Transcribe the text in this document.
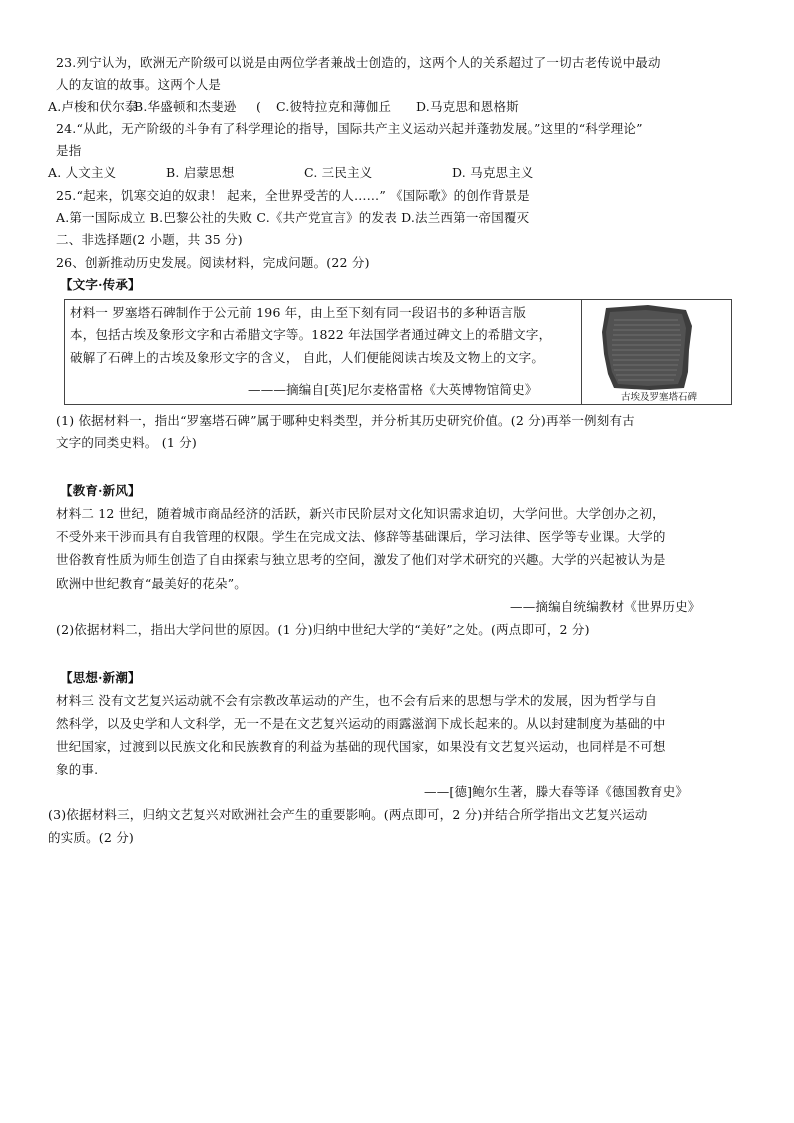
23.列宁认为，欧洲无产阶级可以说是由两位学者兼战士创造的，这两个人的关系超过了一切古老传说中最动
人的友谊的故事。这两个人是
A.卢梭和伏尔泰
B.华盛顿和杰斐逊	(	C.彼特拉克和薄伽丘	D.马克思和恩格斯
24.“从此，无产阶级的斗争有了科学理论的指导，国际共产主义运动兴起并蓬勃发展。”这里的“科学理论”
是指
A. 人文主义	B. 启蒙思想	C. 三民主义	D. 马克思主义
25.“起来，饥寒交迫的奴隶！ 起来，全世界受苦的人……” 《国际歌》的创作背景是
A.第一国际成立 B.巴黎公社的失败 C.《共产党宣言》的发表 D.法兰西第一帝国覆灭
二、非选择题(2 小题，共 35 分)
26、创新推动历史发展。阅读材料，完成问题。(22 分)
【文字·传承】
材料一 罗塞塔石碑制作于公元前 196 年，由上至下刻有同一段诏书的多种语言版
本，包括古埃及象形文字和古希腊文字等。1822 年法国学者通过碑文上的希腊文字，
破解了石碑上的古埃及象形文字的含义， 自此，人们便能阅读古埃及文物上的文字。
———摘编自[英]尼尔麦格雷格《大英博物馆简史》
古埃及罗塞塔石碑
(1) 依据材料一，指出“罗塞塔石碑”属于哪种史料类型，并分析其历史研究价值。(2 分)再举一例刻有古
文字的同类史料。 (1 分)
【教育·新风】
材料二 12 世纪，随着城市商品经济的活跃，新兴市民阶层对文化知识需求迫切，大学问世。大学创办之初，
不受外来干涉而具有自我管理的权限。学生在完成文法、修辞等基础课后，学习法律、医学等专业课。大学的
世俗教育性质为师生创造了自由探索与独立思考的空间，激发了他们对学术研究的兴趣。大学的兴起被认为是
欧洲中世纪教育“最美好的花朵”。
——摘编自统编教材《世界历史》
(2)依据材料二，指出大学问世的原因。(1 分)归纳中世纪大学的“美好”之处。(两点即可，2 分)
【思想·新潮】
材料三 没有文艺复兴运动就不会有宗教改革运动的产生，也不会有后来的思想与学术的发展，因为哲学与自
然科学，以及史学和人文科学，无一不是在文艺复兴运动的雨露滋润下成长起来的。从以封建制度为基础的中
世纪国家，过渡到以民族文化和民族教育的利益为基础的现代国家，如果没有文艺复兴运动，也同样是不可想
象的事.
——[德]鲍尔生著，滕大春等译《德国教育史》
(3)依据材料三，归纳文艺复兴对欧洲社会产生的重要影响。(两点即可，2 分)并结合所学指出文艺复兴运动
的实质。(2 分)
